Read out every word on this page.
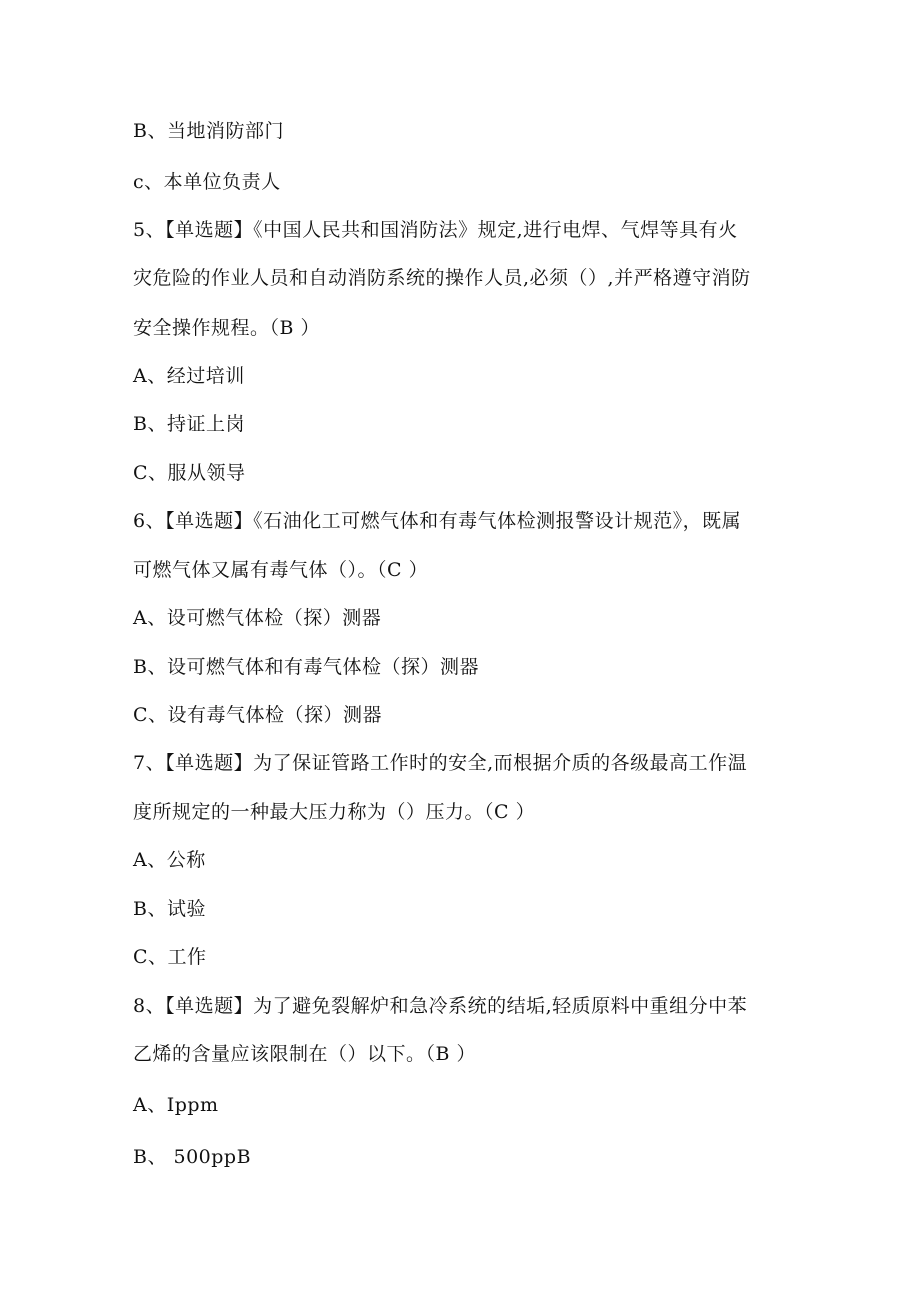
B、当地消防部门
c、本单位负责人
5、【单选题】《中国人民共和国消防法》规定,进行电焊、气焊等具有火
灾危险的作业人员和自动消防系统的操作人员,必须（）,并严格遵守消防
安全操作规程。（B ）
A、经过培训
B、持证上岗
C、服从领导
6、【单选题】《石油化工可燃气体和有毒气体检测报警设计规范》，既属
可燃气体又属有毒气体（）。（C ）
A、设可燃气体检（探）测器
B、设可燃气体和有毒气体检（探）测器
C、设有毒气体检（探）测器
7、【单选题】为了保证管路工作时的安全,而根据介质的各级最高工作温
度所规定的一种最大压力称为（）压力。（C ）
A、公称
B、试验
C、工作
8、【单选题】为了避免裂解炉和急冷系统的结垢,轻质原料中重组分中苯
乙烯的含量应该限制在（）以下。（B ）
A、Ippm
B、 500ppB
